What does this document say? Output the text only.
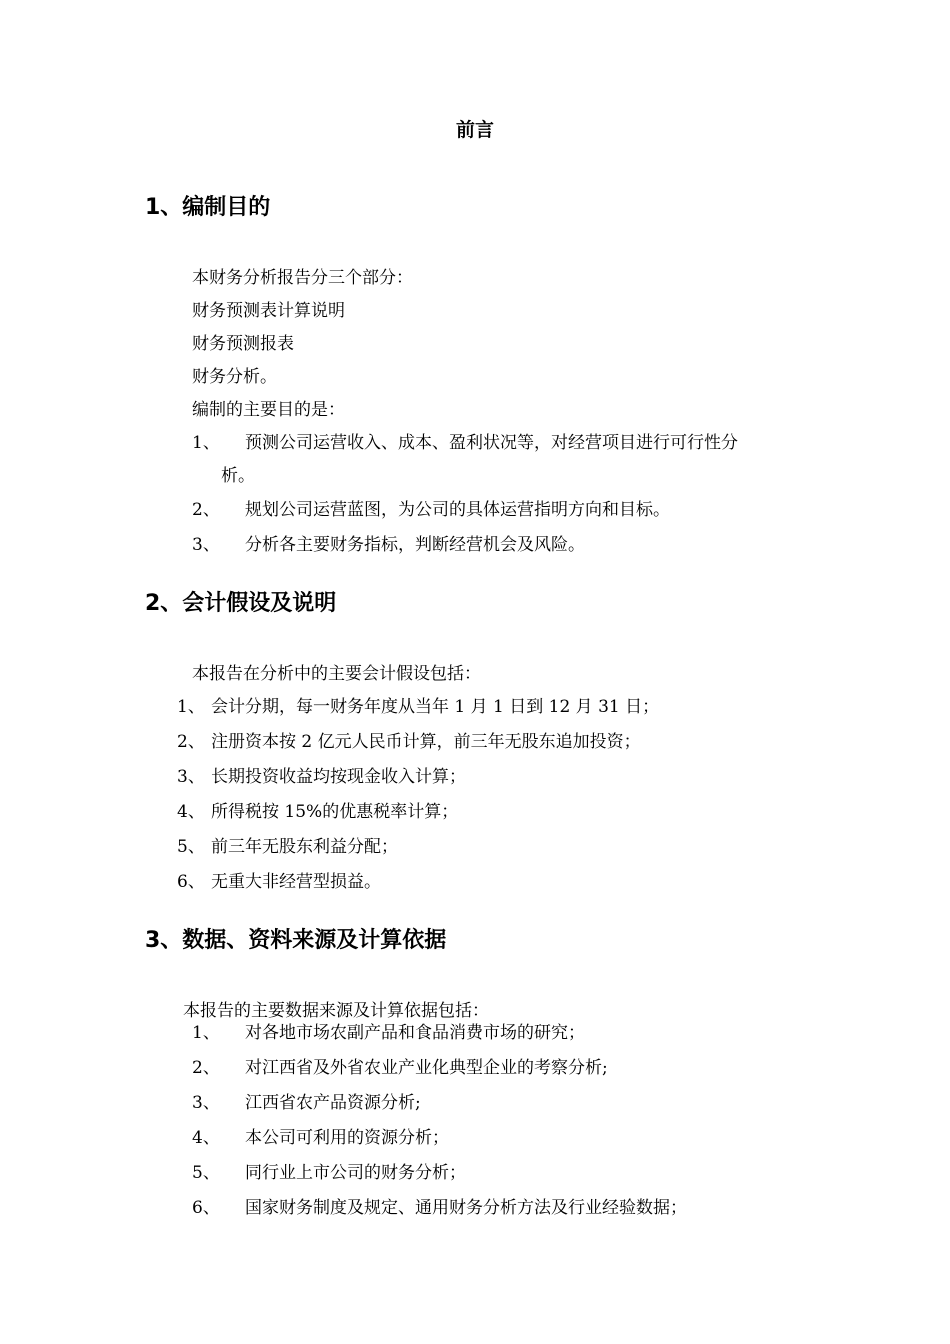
前言
1、编制目的
本财务分析报告分三个部分：
财务预测表计算说明
财务预测报表
财务分析。
编制的主要目的是：
1、 预测公司运营收入、成本、盈利状况等，对经营项目进行可行性分
析。
2、 规划公司运营蓝图，为公司的具体运营指明方向和目标。
3、 分析各主要财务指标，判断经营机会及风险。
2、会计假设及说明
本报告在分析中的主要会计假设包括：
1、 会计分期，每一财务年度从当年 1 月 1 日到 12 月 31 日；
2、 注册资本按 2 亿元人民币计算，前三年无股东追加投资；
3、 长期投资收益均按现金收入计算；
4、 所得税按 15%的优惠税率计算；
5、 前三年无股东利益分配；
6、 无重大非经营型损益。
3、数据、资料来源及计算依据
本报告的主要数据来源及计算依据包括：
1、 对各地市场农副产品和食品消费市场的研究；
2、 对江西省及外省农业产业化典型企业的考察分析;
3、 江西省农产品资源分析;
4、 本公司可利用的资源分析；
5、 同行业上市公司的财务分析；
6、 国家财务制度及规定、通用财务分析方法及行业经验数据；
